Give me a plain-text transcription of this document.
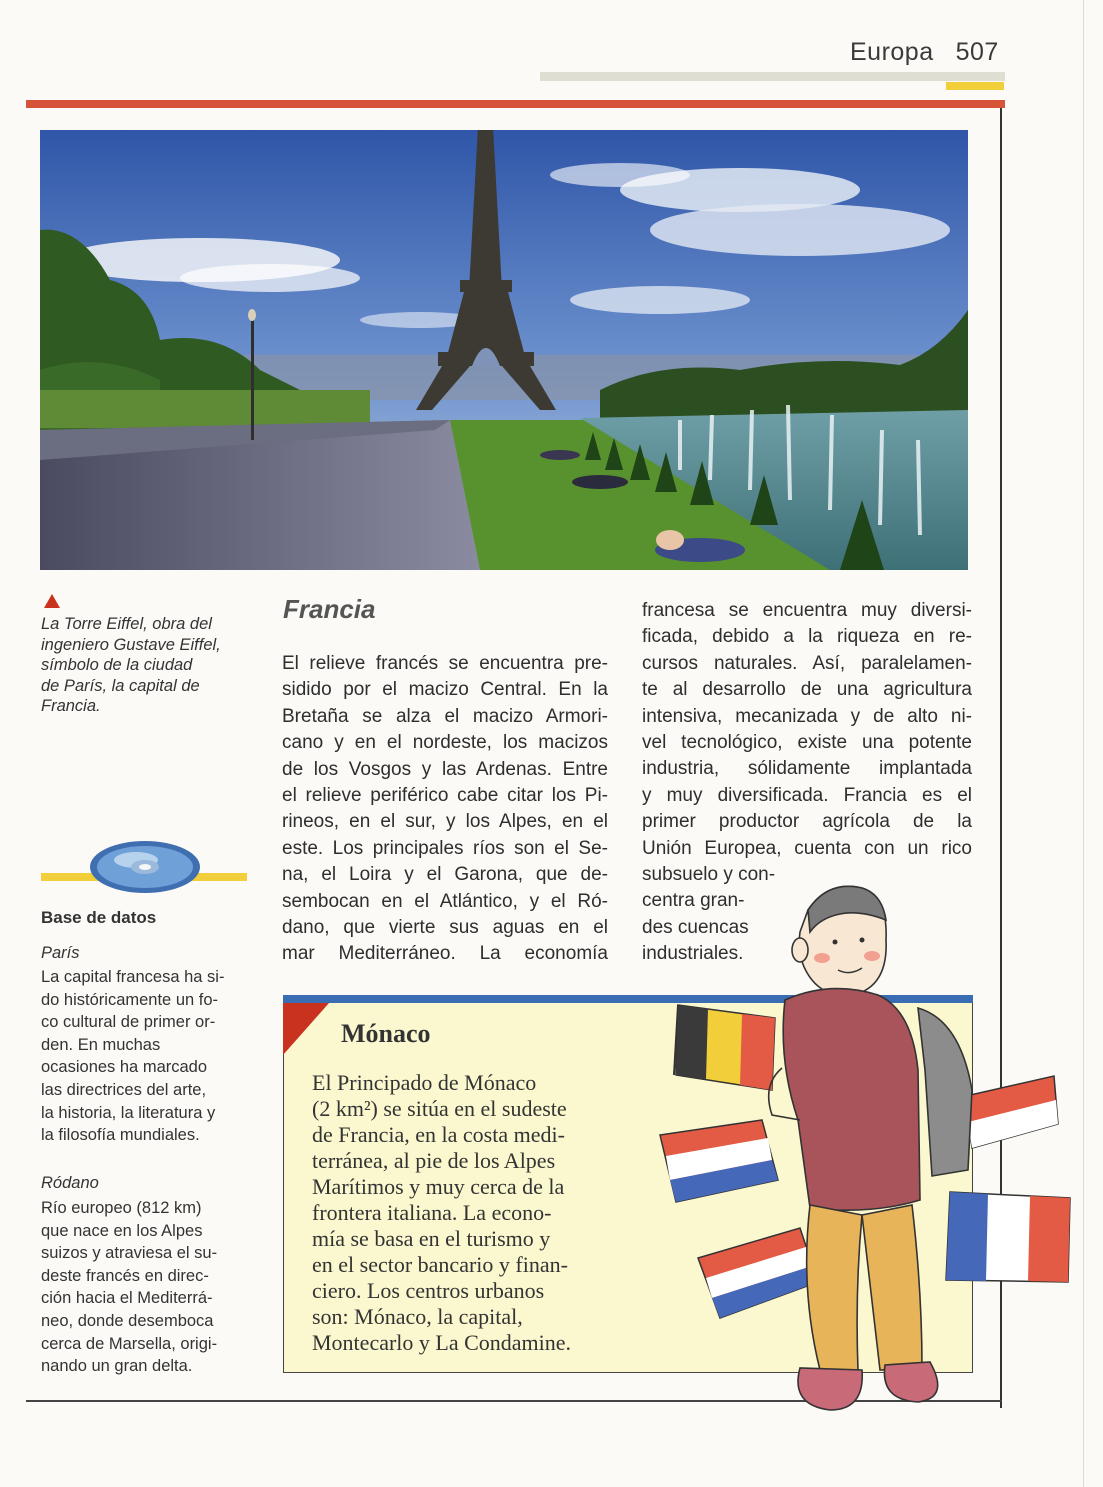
Europa 507
La Torre Eiffel, obra del
ingeniero Gustave Eiffel,
símbolo de la ciudad
de París, la capital de
Francia.
Base de datos
París
La capital francesa ha si-
do históricamente un fo-
co cultural de primer or-
den. En muchas
ocasiones ha marcado
las directrices del arte,
la historia, la literatura y
la filosofía mundiales.
Ródano
Río europeo (812 km)
que nace en los Alpes
suizos y atraviesa el su-
deste francés en direc-
ción hacia el Mediterrá-
neo, donde desemboca
cerca de Marsella, origi-
nando un gran delta.
Francia
El relieve francés se encuentra pre-
sidido por el macizo Central. En la
Bretaña se alza el macizo Armori-
cano y en el nordeste, los macizos
de los Vosgos y las Ardenas. Entre
el relieve periférico cabe citar los Pi-
rineos, en el sur, y los Alpes, en el
este. Los principales ríos son el Se-
na, el Loira y el Garona, que de-
sembocan en el Atlántico, y el Ró-
dano, que vierte sus aguas en el
mar Mediterráneo. La economía
francesa se encuentra muy diversi-
ficada, debido a la riqueza en re-
cursos naturales. Así, paralelamen-
te al desarrollo de una agricultura
intensiva, mecanizada y de alto ni-
vel tecnológico, existe una potente
industria, sólidamente implantada
y muy diversificada. Francia es el
primer productor agrícola de la
Unión Europea, cuenta con un rico
subsuelo y con-
centra gran-
des cuencas
industriales.
Mónaco
El Principado de Mónaco
(2 km²) se sitúa en el sudeste
de Francia, en la costa medi-
terránea, al pie de los Alpes
Marítimos y muy cerca de la
frontera italiana. La econo-
mía se basa en el turismo y
en el sector bancario y finan-
ciero. Los centros urbanos
son: Mónaco, la capital,
Montecarlo y La Condamine.
